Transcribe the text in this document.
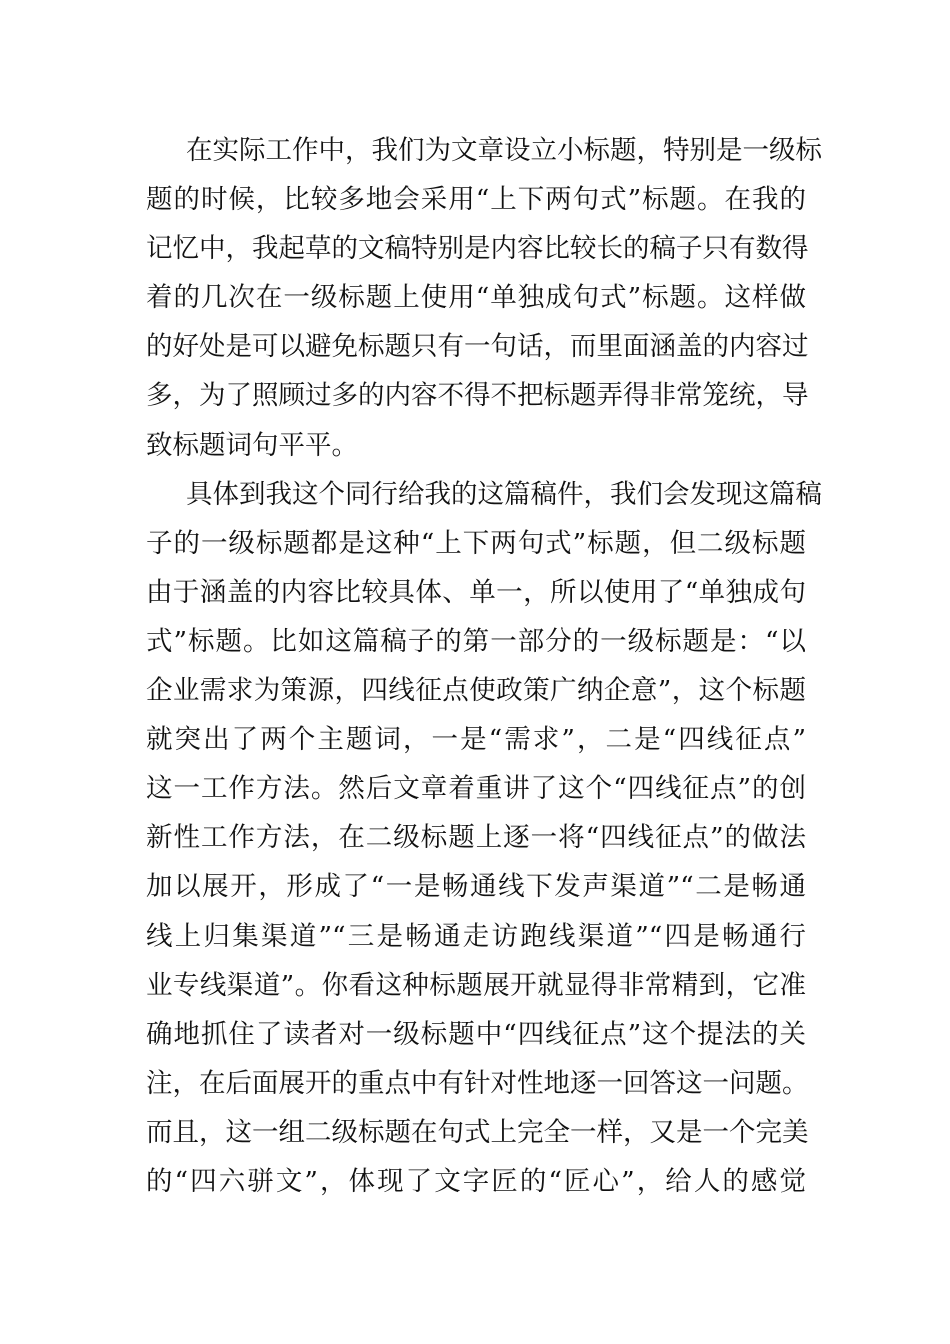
在实际工作中，我们为文章设立小标题，特别是一级标
题的时候，比较多地会采用“上下两句式”标题。在我的
记忆中，我起草的文稿特别是内容比较长的稿子只有数得
着的几次在一级标题上使用“单独成句式”标题。这样做
的好处是可以避免标题只有一句话，而里面涵盖的内容过
多，为了照顾过多的内容不得不把标题弄得非常笼统，导
致标题词句平平。
具体到我这个同行给我的这篇稿件，我们会发现这篇稿
子的一级标题都是这种“上下两句式”标题，但二级标题
由于涵盖的内容比较具体、单一，所以使用了“单独成句
式”标题。比如这篇稿子的第一部分的一级标题是：“以
企业需求为策源，四线征点使政策广纳企意”，这个标题
就突出了两个主题词，一是“需求”，二是“四线征点”
这一工作方法。然后文章着重讲了这个“四线征点”的创
新性工作方法，在二级标题上逐一将“四线征点”的做法
加以展开，形成了“一是畅通线下发声渠道”“二是畅通
线上归集渠道”“三是畅通走访跑线渠道”“四是畅通行
业专线渠道”。你看这种标题展开就显得非常精到，它准
确地抓住了读者对一级标题中“四线征点”这个提法的关
注，在后面展开的重点中有针对性地逐一回答这一问题。
而且，这一组二级标题在句式上完全一样，又是一个完美
的“四六骈文”，体现了文字匠的“匠心”，给人的感觉
